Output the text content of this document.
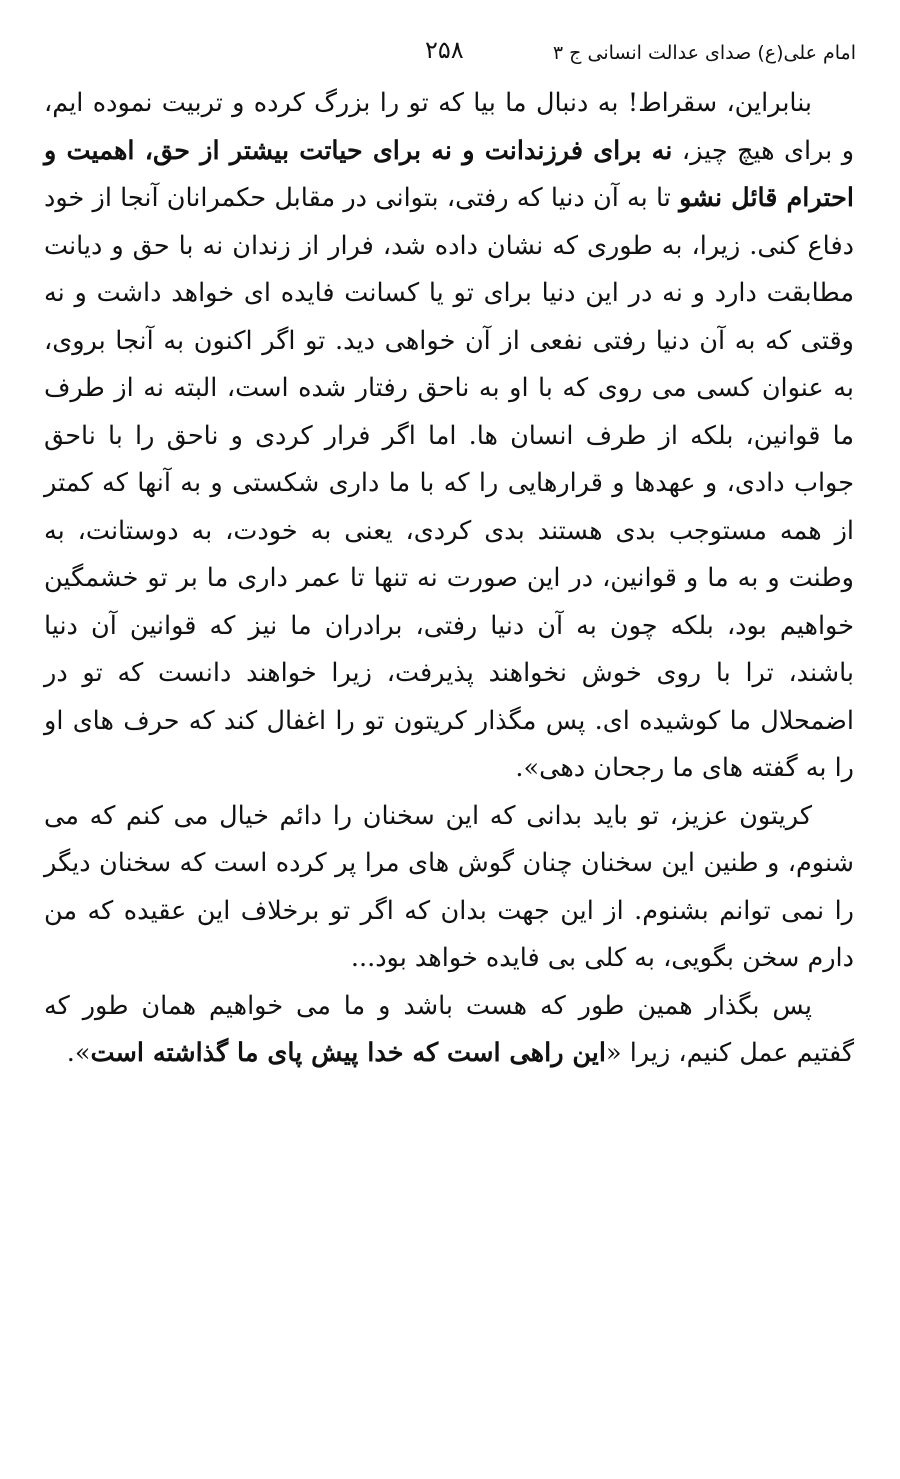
امام علی(ع) صدای عدالت انسانی ج ۳
۲۵۸

بنابراین، سقراط! به دنبال ما بیا که تو را بزرگ کرده و تربیت نموده ایم، و برای هیچ چیز، نه برای فرزندانت و نه برای حیاتت بیشتر از حق، اهمیت و احترام قائل نشو تا به آن دنیا که رفتی، بتوانی در مقابل حکمرانان آنجا از خود دفاع کنی. زیرا، به طوری که نشان داده شد، فرار از زندان نه با حق و دیانت مطابقت دارد و نه در این دنیا برای تو یا کسانت فایده ای خواهد داشت و نه وقتی که به آن دنیا رفتی نفعی از آن خواهی دید. تو اگر اکنون به آنجا بروی، به عنوان کسی می روی که با او به ناحق رفتار شده است، البته نه از طرف ما قوانین، بلکه از طرف انسان ها. اما اگر فرار کردی و ناحق را با ناحق جواب دادی، و عهدها و قرارهایی را که با ما داری شکستی و به آنها که کمتر از همه مستوجب بدی هستند بدی کردی، یعنی به خودت، به دوستانت، به وطنت و به ما و قوانین، در این صورت نه تنها تا عمر داری ما بر تو خشمگین خواهیم بود، بلکه چون به آن دنیا رفتی، برادران ما نیز که قوانین آن دنیا باشند، ترا با روی خوش نخواهند پذیرفت، زیرا خواهند دانست که تو در اضمحلال ما کوشیده ای. پس مگذار کریتون تو را اغفال کند که حرف های او را به گفته های ما رجحان دهی».

کریتون عزیز، تو باید بدانی که این سخنان را دائم خیال می کنم که می شنوم، و طنین این سخنان چنان گوش های مرا پر کرده است که سخنان دیگر را نمی توانم بشنوم. از این جهت بدان که اگر تو برخلاف این عقیده که من دارم سخن بگویی، به کلی بی فایده خواهد بود...

پس بگذار همین طور که هست باشد و ما می خواهیم همان طور که گفتیم عمل کنیم، زیرا «این راهی است که خدا پیش پای ما گذاشته است».
